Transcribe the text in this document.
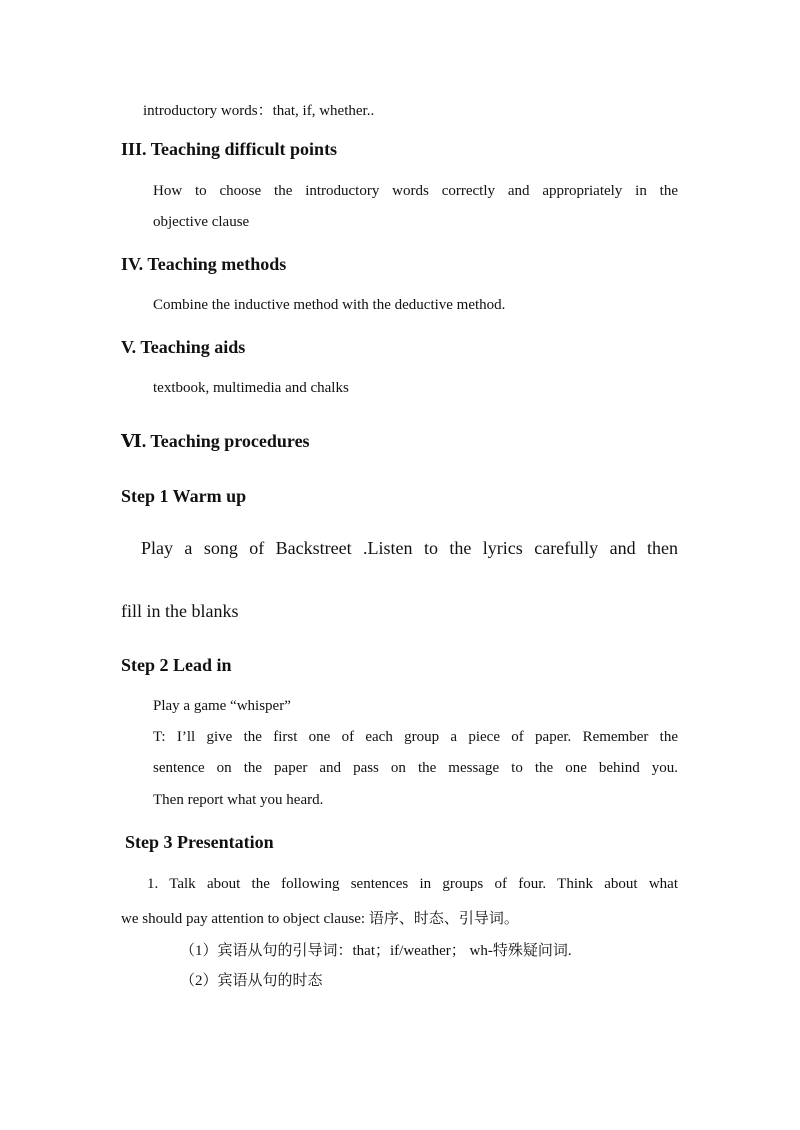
introductory words：that, if, whether..
III. Teaching difficult points
How to choose the introductory words correctly and appropriately in the
objective clause
IV. Teaching methods
Combine the inductive method with the deductive method.
V. Teaching aids
textbook, multimedia and chalks
Ⅵ. Teaching procedures
Step 1 Warm up
Play a song of Backstreet .Listen to the lyrics carefully and then
fill in the blanks
Step 2 Lead in
Play a game “whisper”
T: I’ll give the first one of each group a piece of paper. Remember the
sentence on the paper and pass on the message to the one behind you.
Then report what you heard.
Step 3 Presentation
1. Talk about the following sentences in groups of four. Think about what
we should pay attention to object clause: 语序、时态、引导词。
（1）宾语从句的引导词：that；if/weather； wh-特殊疑问词.
（2）宾语从句的时态
